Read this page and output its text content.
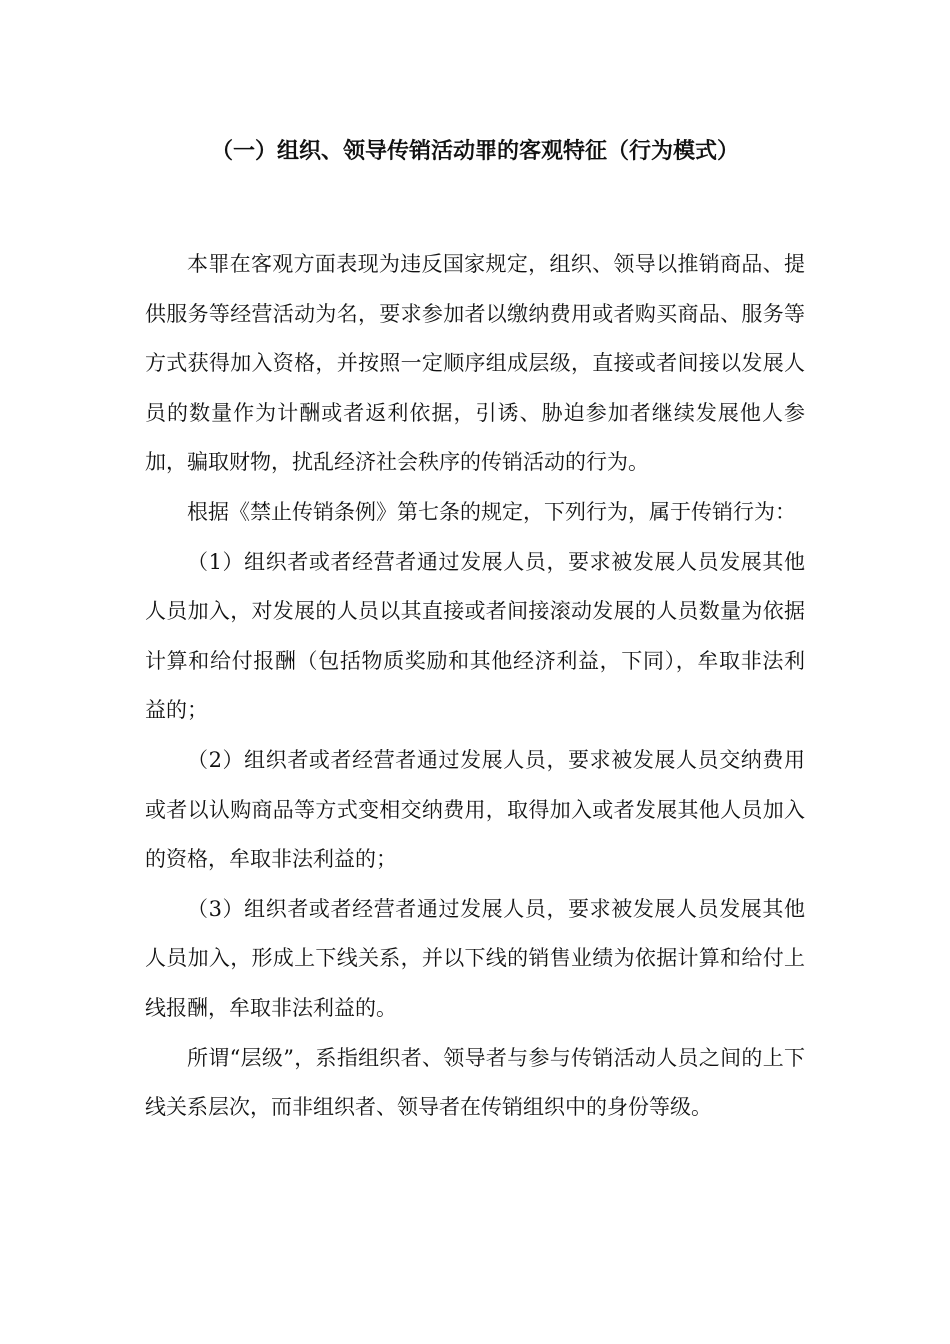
（一）组织、领导传销活动罪的客观特征（行为模式）

本罪在客观方面表现为违反国家规定，组织、领导以推销商品、提供服务等经营活动为名，要求参加者以缴纳费用或者购买商品、服务等方式获得加入资格，并按照一定顺序组成层级，直接或者间接以发展人员的数量作为计酬或者返利依据，引诱、胁迫参加者继续发展他人参加，骗取财物，扰乱经济社会秩序的传销活动的行为。

根据《禁止传销条例》第七条的规定，下列行为，属于传销行为：

（1）组织者或者经营者通过发展人员，要求被发展人员发展其他人员加入，对发展的人员以其直接或者间接滚动发展的人员数量为依据计算和给付报酬（包括物质奖励和其他经济利益，下同），牟取非法利益的；

（2）组织者或者经营者通过发展人员，要求被发展人员交纳费用或者以认购商品等方式变相交纳费用，取得加入或者发展其他人员加入的资格，牟取非法利益的；

（3）组织者或者经营者通过发展人员，要求被发展人员发展其他人员加入，形成上下线关系，并以下线的销售业绩为依据计算和给付上线报酬，牟取非法利益的。

所谓“层级”，系指组织者、领导者与参与传销活动人员之间的上下线关系层次，而非组织者、领导者在传销组织中的身份等级。
